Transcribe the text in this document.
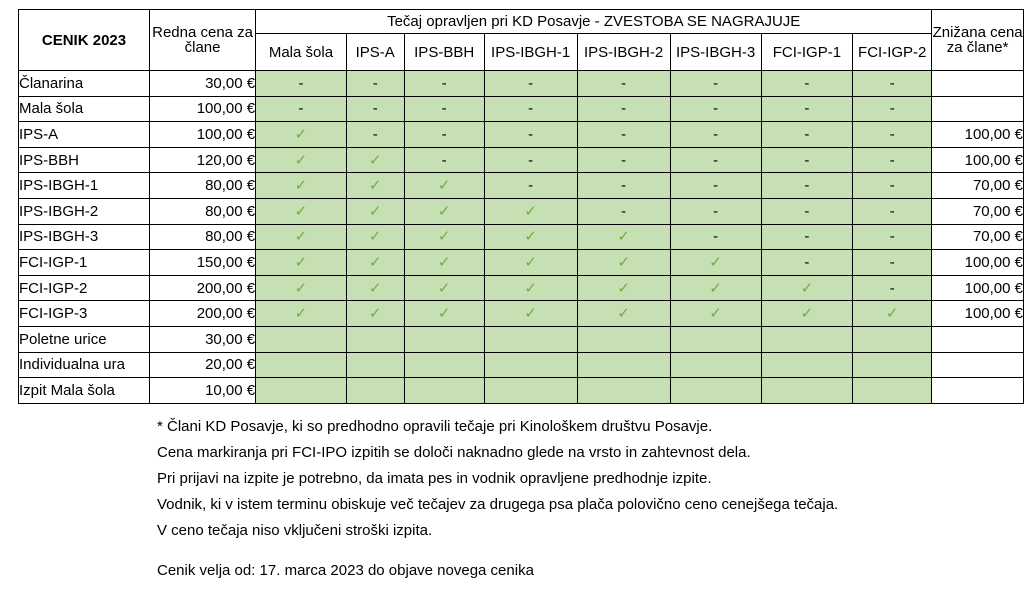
CENIK 2023	Redna cena za člane	Tečaj opravljen pri KD Posavje - ZVESTOBA SE NAGRAJUJE								Znižana cena za člane*
		Mala šola	IPS-A	IPS-BBH	IPS-IBGH-1	IPS-IBGH-2	IPS-IBGH-3	FCI-IGP-1	FCI-IGP-2	
Članarina	30,00 €	-	-	-	-	-	-	-	-	
Mala šola	100,00 €	-	-	-	-	-	-	-	-	
IPS-A	100,00 €	✓	-	-	-	-	-	-	-	100,00 €
IPS-BBH	120,00 €	✓	✓	-	-	-	-	-	-	100,00 €
IPS-IBGH-1	80,00 €	✓	✓	✓	-	-	-	-	-	70,00 €
IPS-IBGH-2	80,00 €	✓	✓	✓	✓	-	-	-	-	70,00 €
IPS-IBGH-3	80,00 €	✓	✓	✓	✓	✓	-	-	-	70,00 €
FCI-IGP-1	150,00 €	✓	✓	✓	✓	✓	✓	-	-	100,00 €
FCI-IGP-2	200,00 €	✓	✓	✓	✓	✓	✓	✓	-	100,00 €
FCI-IGP-3	200,00 €	✓	✓	✓	✓	✓	✓	✓	✓	100,00 €
Poletne urice	30,00 €									
Individualna ura	20,00 €									
Izpit Mala šola	10,00 €									

* Člani KD Posavje, ki so predhodno opravili tečaje pri Kinološkem društvu Posavje.

Cena markiranja pri FCI-IPO izpitih se določi naknadno glede na vrsto in zahtevnost dela.

Pri prijavi na izpite je potrebno, da imata pes in vodnik opravljene predhodnje izpite.

Vodnik, ki v istem terminu obiskuje več tečajev za drugega psa plača polovično ceno cenejšega tečaja.

V ceno tečaja niso vključeni stroški izpita.

Cenik velja od: 17. marca 2023 do objave novega cenika
